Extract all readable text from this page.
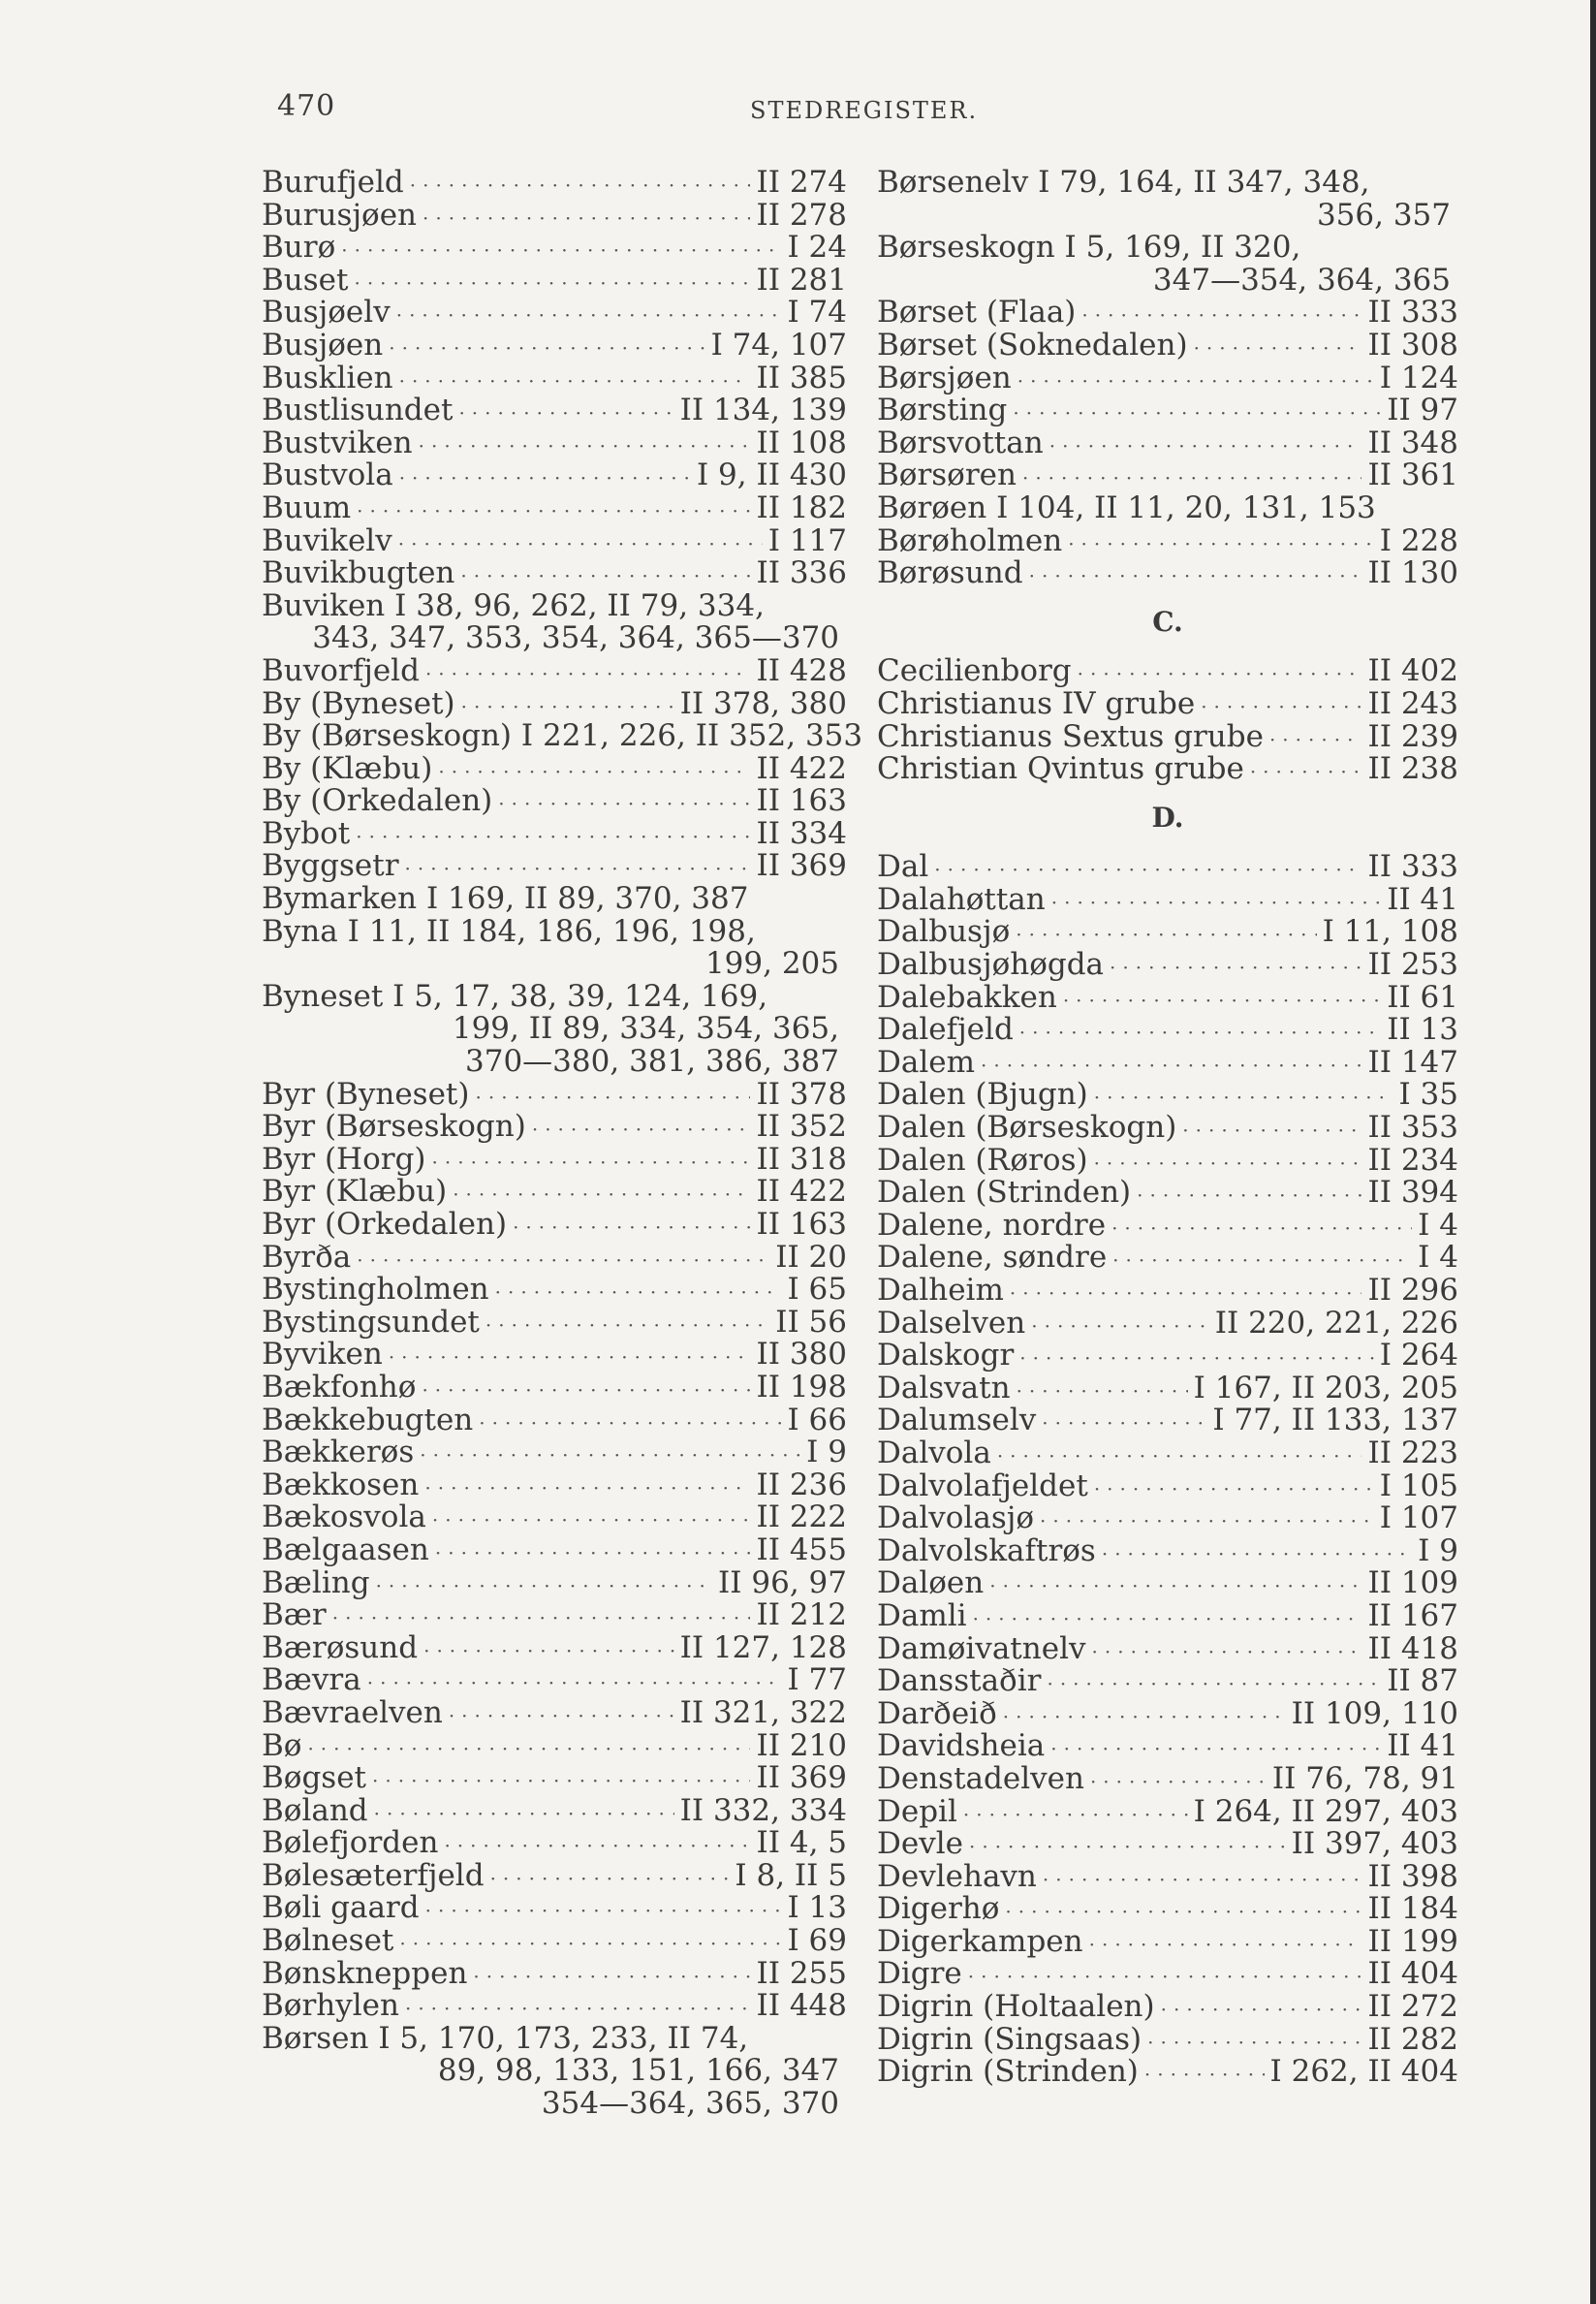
470	STEDREGISTER.
Burufjeld ·····	II 274
Burusjøen ·····	II 278
Burø ·····	I 24
Buset ·····	II 281
Busjøelv ·····	I 74
Busjøen ·····	I 74, 107
Busklien ·····	II 385
Bustlisundet ·····	II 134, 139
Bustviken ·····	II 108
Bustvola ·····	I 9, II 430
Buum ·····	II 182
Buvikelv ·····	I 117
Buvikbugten ·····	II 336
Buviken I 38, 96, 262, II 79, 334,
343, 347, 353, 354, 364, 365—370
Buvorfjeld ·····	II 428
By (Byneset) ·····	II 378, 380
By (Børseskogn) I 221, 226, II 352, 353
By (Klæbu) ·····	II 422
By (Orkedalen) ·····	II 163
Bybot ·····	II 334
Byggsetr ·····	II 369
Bymarken I 169, II 89, 370, 387
Byna I 11, II 184, 186, 196, 198,
199, 205
Byneset I 5, 17, 38, 39, 124, 169,
199, II 89, 334, 354, 365,
370—380, 381, 386, 387
Byr (Byneset) ·····	II 378
Byr (Børseskogn) ·····	II 352
Byr (Horg) ·····	II 318
Byr (Klæbu) ·····	II 422
Byr (Orkedalen) ·····	II 163
Byrða ·····	II 20
Bystingholmen ·····	I 65
Bystingsundet ·····	II 56
Byviken ·····	II 380
Bækfonhø ·····	II 198
Bækkebugten ·····	I 66
Bækkerøs ·····	I 9
Bækkosen ·····	II 236
Bækosvola ·····	II 222
Bælgaasen ·····	II 455
Bæling ·····	II 96, 97
Bær ·····	II 212
Bærøsund ·····	II 127, 128
Bævra ·····	I 77
Bævraelven ·····	II 321, 322
Bø ·····	II 210
Bøgset ·····	II 369
Bøland ·····	II 332, 334
Bølefjorden ·····	II 4, 5
Bølesæterfjeld ·····	I 8, II 5
Bøli gaard ·····	I 13
Bølneset ·····	I 69
Bønskneppen ·····	II 255
Børhylen ·····	II 448
Børsen I 5, 170, 173, 233, II 74,
89, 98, 133, 151, 166, 347
354—364, 365, 370
Børsenelv I 79, 164, II 347, 348,
356, 357
Børseskogn I 5, 169, II 320,
347—354, 364, 365
Børset (Flaa) ·····	II 333
Børset (Soknedalen) ·····	II 308
Børsjøen ·····	I 124
Børsting ·····	II 97
Børsvottan ·····	II 348
Børsøren ·····	II 361
Børøen I 104, II 11, 20, 131, 153
Børøholmen ·····	I 228
Børøsund ·····	II 130
C.
Cecilienborg ·····	II 402
Christianus IV grube ·····	II 243
Christianus Sextus grube ·····	II 239
Christian Qvintus grube ·····	II 238
D.
Dal ·····	II 333
Dalahøttan ·····	II 41
Dalbusjø ·····	I 11, 108
Dalbusjøhøgda ·····	II 253
Dalebakken ·····	II 61
Dalefjeld ·····	II 13
Dalem ·····	II 147
Dalen (Bjugn) ·····	I 35
Dalen (Børseskogn) ·····	II 353
Dalen (Røros) ·····	II 234
Dalen (Strinden) ·····	II 394
Dalene, nordre ·····	I 4
Dalene, søndre ·····	I 4
Dalheim ·····	II 296
Dalselven ·····	II 220, 221, 226
Dalskogr ·····	I 264
Dalsvatn ·····	I 167, II 203, 205
Dalumselv ·····	I 77, II 133, 137
Dalvola ·····	II 223
Dalvolafjeldet ·····	I 105
Dalvolasjø ·····	I 107
Dalvolskaftrøs ·····	I 9
Daløen ·····	II 109
Damli ·····	II 167
Damøivatnelv ·····	II 418
Dansstaðir ·····	II 87
Darðeið ·····	II 109, 110
Davidsheia ·····	II 41
Denstadelven ·····	II 76, 78, 91
Depil ·····	I 264, II 297, 403
Devle ·····	II 397, 403
Devlehavn ·····	II 398
Digerhø ·····	II 184
Digerkampen ·····	II 199
Digre ·····	II 404
Digrin (Holtaalen) ·····	II 272
Digrin (Singsaas) ·····	II 282
Digrin (Strinden) ·····	I 262, II 404
